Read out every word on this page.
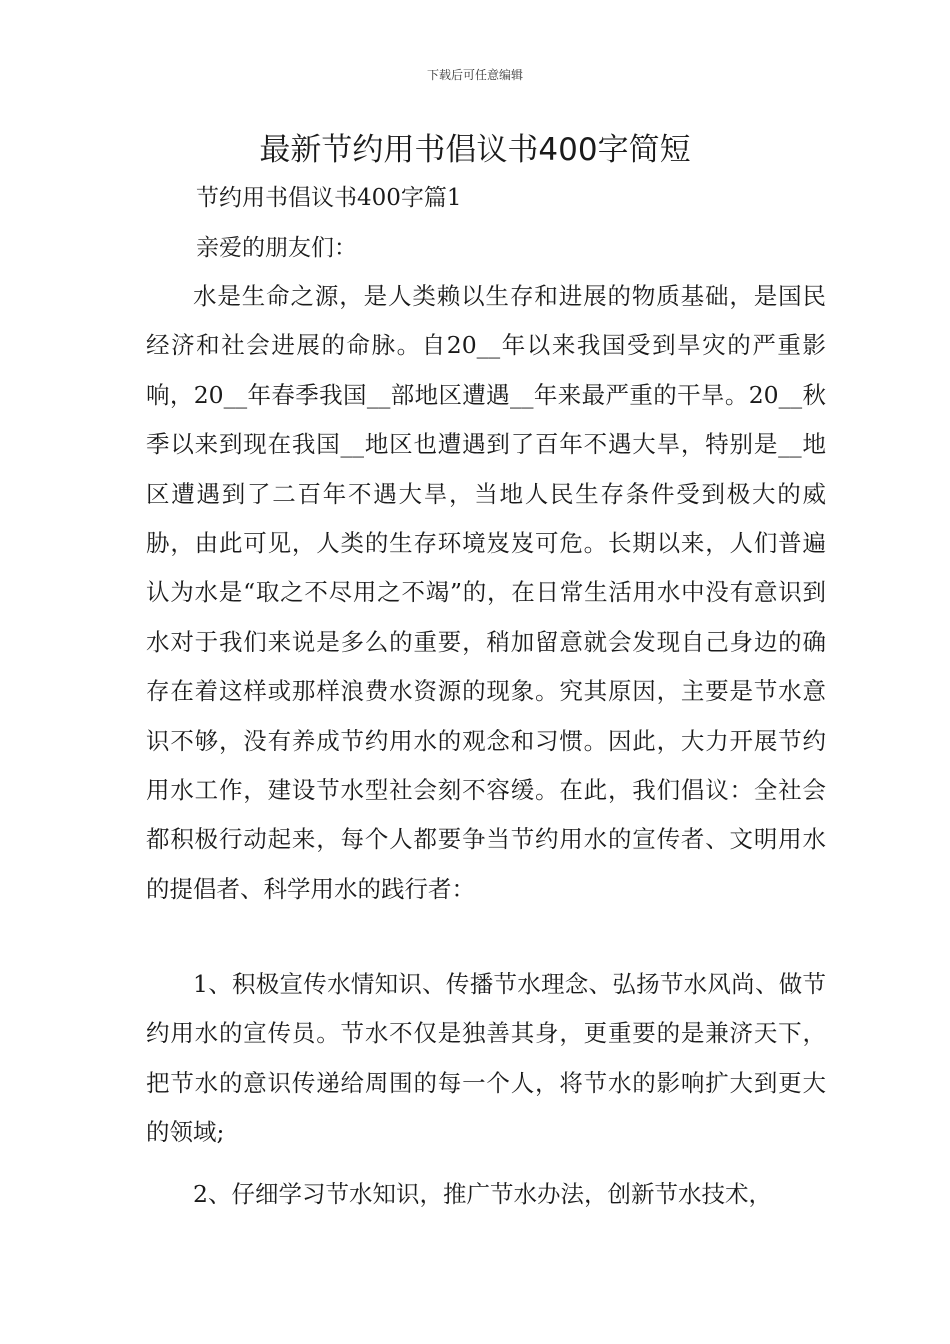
下载后可任意编辑
最新节约用书倡议书400字简短

节约用书倡议书400字篇1

亲爱的朋友们：

水是生命之源，是人类赖以生存和进展的物质基础，是国民经济和社会进展的命脉。自20__年以来我国受到旱灾的严重影响，20__年春季我国__部地区遭遇__年来最严重的干旱。20__秋季以来到现在我国__地区也遭遇到了百年不遇大旱，特别是__地区遭遇到了二百年不遇大旱，当地人民生存条件受到极大的威胁，由此可见，人类的生存环境岌岌可危。长期以来，人们普遍认为水是“取之不尽用之不竭”的，在日常生活用水中没有意识到水对于我们来说是多么的重要，稍加留意就会发现自己身边的确存在着这样或那样浪费水资源的现象。究其原因，主要是节水意识不够，没有养成节约用水的观念和习惯。因此，大力开展节约用水工作，建设节水型社会刻不容缓。在此，我们倡议：全社会都积极行动起来，每个人都要争当节约用水的宣传者、文明用水的提倡者、科学用水的践行者：

1、积极宣传水情知识、传播节水理念、弘扬节水风尚、做节约用水的宣传员。节水不仅是独善其身，更重要的是兼济天下，把节水的意识传递给周围的每一个人，将节水的影响扩大到更大的领域;

2、仔细学习节水知识，推广节水办法，创新节水技术，
